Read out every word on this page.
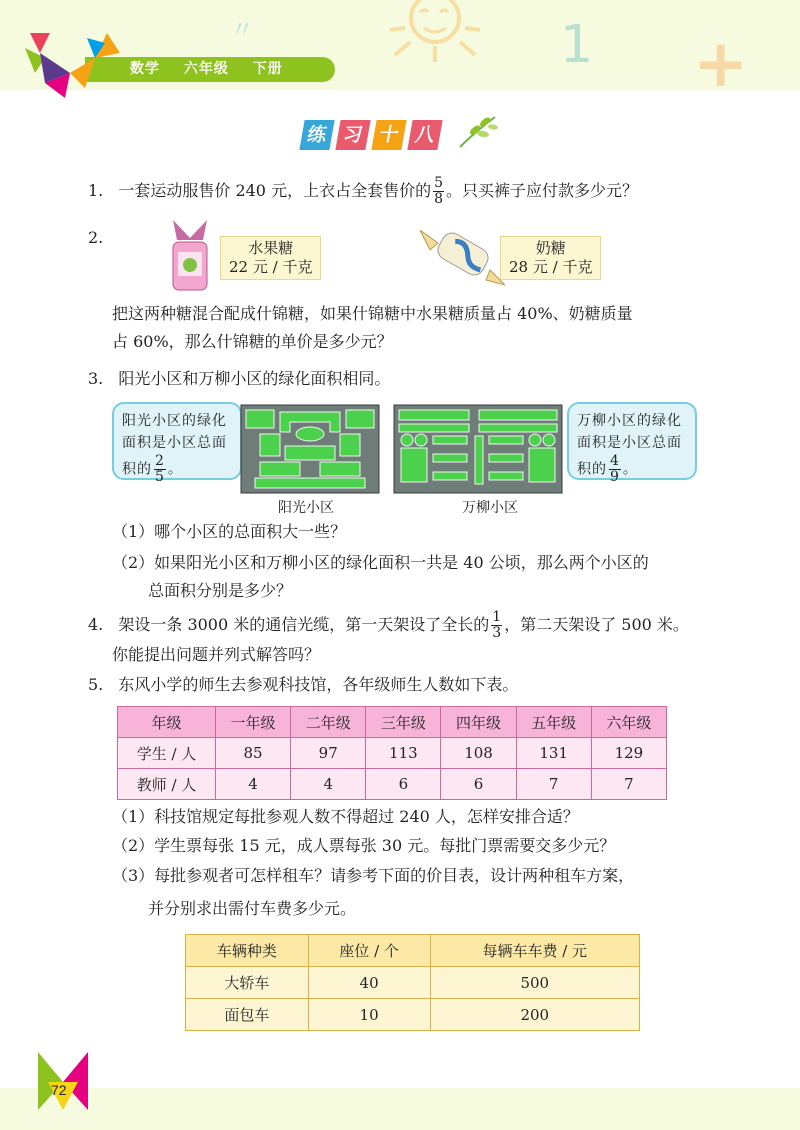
〃	1 +
数学 六年级 下册
练 习 十 八
1. 一套运动服售价 240 元，上衣占全套售价的 $\frac{5}{8}$ 。只买裤子应付款多少元？
2.
水果糖
22 元 / 千克
奶糖
28 元 / 千克
把这两种糖混合配成什锦糖，如果什锦糖中水果糖质量占 40%、奶糖质量
占 60%，那么什锦糖的单价是多少元？
3. 阳光小区和万柳小区的绿化面积相同。
阳光小区的绿化面积是小区总面积的 $\frac{2}{5}$ 。
阳光小区	万柳小区
万柳小区的绿化面积是小区总面积的 $\frac{4}{9}$ 。
（1）哪个小区的总面积大一些？
（2）如果阳光小区和万柳小区的绿化面积一共是 40 公顷，那么两个小区的
总面积分别是多少？
4. 架设一条 3000 米的通信光缆，第一天架设了全长的 $\frac{1}{3}$ ，第二天架设了 500 米。
你能提出问题并列式解答吗？
5. 东风小学的师生去参观科技馆，各年级师生人数如下表。
年级	一年级	二年级	三年级	四年级	五年级	六年级
学生 / 人	85	97	113	108	131	129
教师 / 人	4	4	6	6	7	7
（1）科技馆规定每批参观人数不得超过 240 人，怎样安排合适？
（2）学生票每张 15 元，成人票每张 30 元。每批门票需要交多少元？
（3）每批参观者可怎样租车？请参考下面的价目表，设计两种租车方案，
并分别求出需付车费多少元。
车辆种类	座位 / 个	每辆车车费 / 元
大轿车	40	500
面包车	10	200
72
